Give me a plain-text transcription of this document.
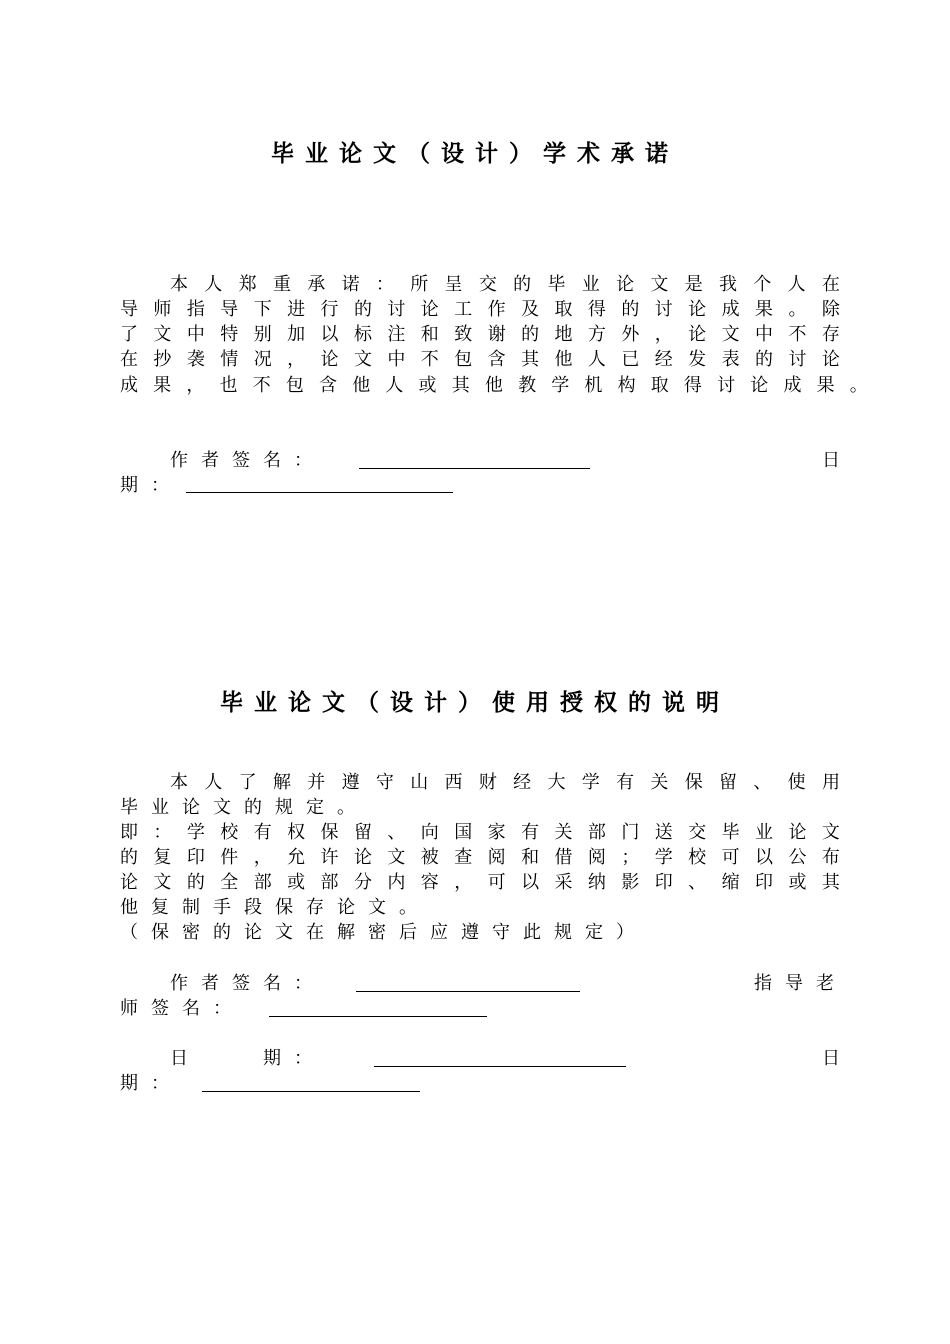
毕业论文（设计）学术承诺
本 人 郑 重 承 诺 ： 所 呈 交 的 毕 业 论 文 是 我 个 人 在
导 师 指 导 下 进 行 的 讨 论 工 作 及 取 得 的 讨 论 成 果 。 除
了 文 中 特 别 加 以 标 注 和 致 谢 的 地 方 外 ， 论 文 中 不 存
在 抄 袭 情 况 ， 论 文 中 不 包 含 其 他 人 已 经 发 表 的 讨 论
成 果 ， 也 不 包 含 他 人 或 其 他 教 学 机 构 取 得 讨 论 成 果 。
作者签名：	日
期：
毕业论文（设计）使用授权的说明
本 人 了 解 并 遵 守 山 西 财 经 大 学 有 关 保 留 、 使 用
毕业论文的规定。
即 ： 学 校 有 权 保 留 、 向 国 家 有 关 部 门 送 交 毕 业 论 文
的 复 印 件 ， 允 许 论 文 被 查 阅 和 借 阅 ； 学 校 可 以 公 布
论 文 的 全 部 或 部 分 内 容 ， 可 以 采 纳 影 印 、 缩 印 或 其
他复制手段保存论文。
（保密的论文在解密后应遵守此规定）
作者签名：	指导老
师签名：
日　　期：	日
期：
